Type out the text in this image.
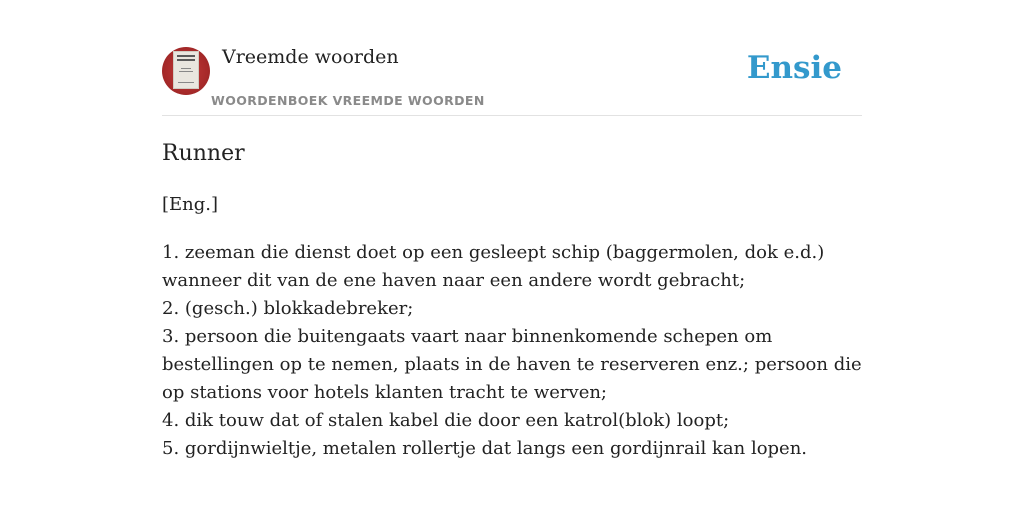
Vreemde woorden
WOORDENBOEK VREEMDE WOORDEN
Ensie
Runner
[Eng.]
1. zeeman die dienst doet op een gesleept schip (baggermolen, dok e.d.) wanneer dit van de ene haven naar een andere wordt gebracht;
2. (gesch.) blokkadebreker;
3. persoon die buitengaats vaart naar binnenkomende schepen om bestellingen op te nemen, plaats in de haven te reserveren enz.; persoon die op stations voor hotels klanten tracht te werven;
4. dik touw dat of stalen kabel die door een katrol(blok) loopt;
5. gordijnwieltje, metalen rollertje dat langs een gordijnrail kan lopen.
